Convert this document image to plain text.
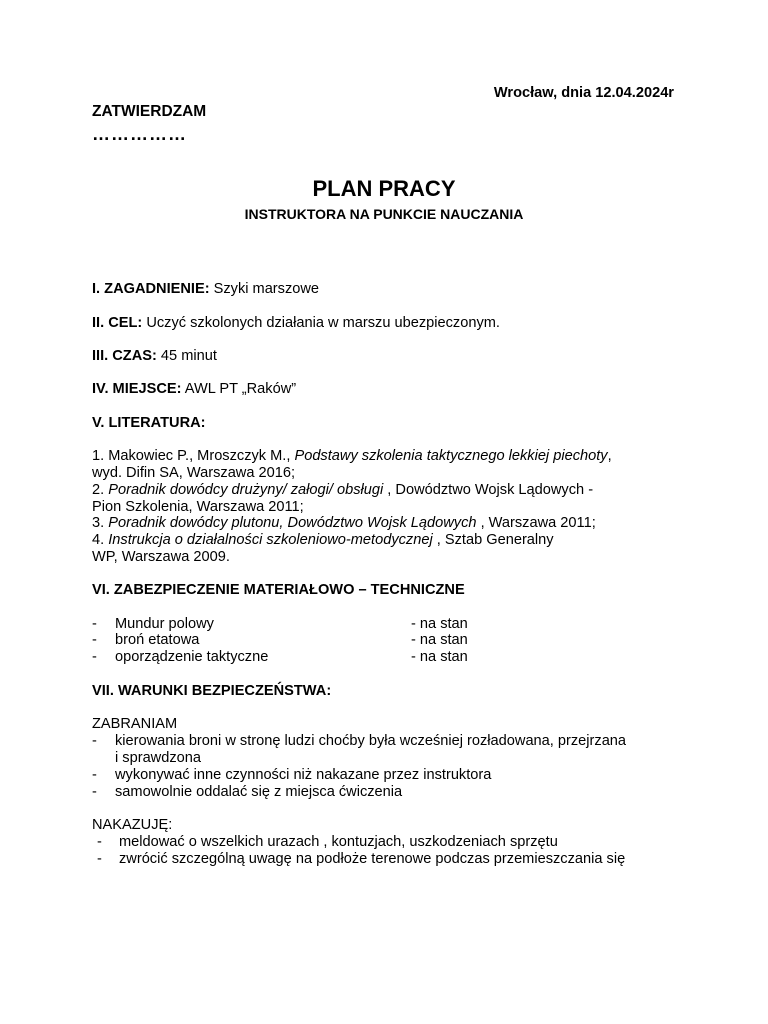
Wrocław, dnia 12.04.2024r
ZATWIERDZAM
……………
PLAN PRACY
INSTRUKTORA NA PUNKCIE NAUCZANIA
I. ZAGADNIENIE: Szyki marszowe
II. CEL: Uczyć szkolonych działania w marszu ubezpieczonym.
III. CZAS: 45 minut
IV. MIEJSCE: AWL PT „Raków”
V. LITERATURA:
1. Makowiec P., Mroszczyk M., Podstawy szkolenia taktycznego lekkiej piechoty,
wyd. Difin SA, Warszawa 2016;
2. Poradnik dowódcy drużyny/ załogi/ obsługi , Dowództwo Wojsk Lądowych -
Pion Szkolenia, Warszawa 2011;
3. Poradnik dowódcy plutonu, Dowództwo Wojsk Lądowych , Warszawa 2011;
4. Instrukcja o działalności szkoleniowo-metodycznej , Sztab Generalny
WP, Warszawa 2009.
VI. ZABEZPIECZENIE MATERIAŁOWO – TECHNICZNE
- Mundur polowy	- na stan
- broń etatowa	- na stan
- oporządzenie taktyczne	- na stan
VII. WARUNKI BEZPIECZEŃSTWA:
ZABRANIAM
- kierowania broni w stronę ludzi choćby była wcześniej rozładowana, przejrzana
i sprawdzona
- wykonywać inne czynności niż nakazane przez instruktora
- samowolnie oddalać się z miejsca ćwiczenia
NAKAZUJĘ:
- meldować o wszelkich urazach , kontuzjach, uszkodzeniach sprzętu
- zwrócić szczególną uwagę na podłoże terenowe podczas przemieszczania się
